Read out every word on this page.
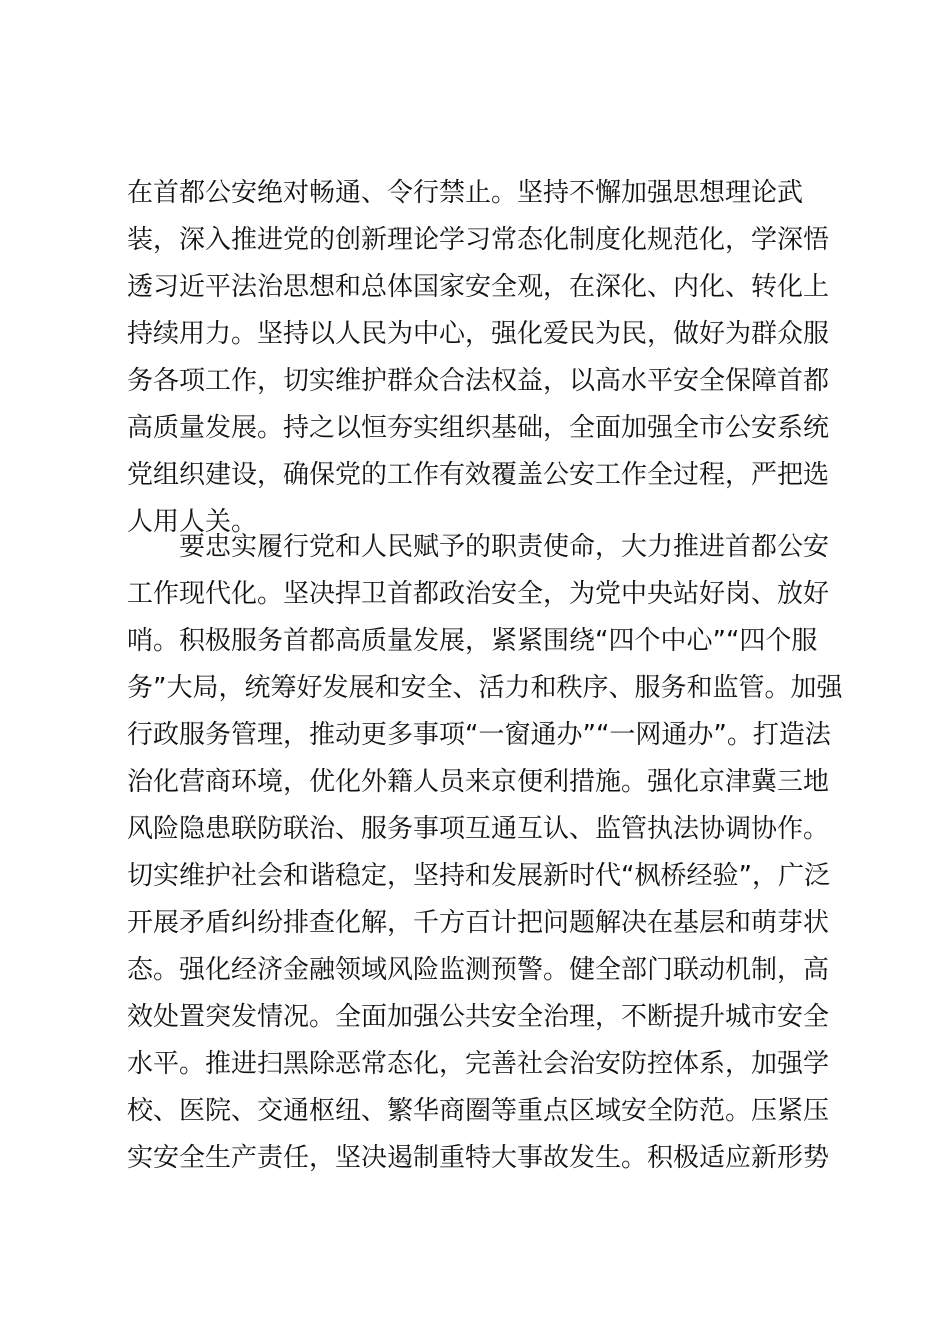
在首都公安绝对畅通、令行禁止。坚持不懈加强思想理论武
装，深入推进党的创新理论学习常态化制度化规范化，学深悟
透习近平法治思想和总体国家安全观，在深化、内化、转化上
持续用力。坚持以人民为中心，强化爱民为民，做好为群众服
务各项工作，切实维护群众合法权益，以高水平安全保障首都
高质量发展。持之以恒夯实组织基础，全面加强全市公安系统
党组织建设，确保党的工作有效覆盖公安工作全过程，严把选
人用人关。
要忠实履行党和人民赋予的职责使命，大力推进首都公安
工作现代化。坚决捍卫首都政治安全，为党中央站好岗、放好
哨。积极服务首都高质量发展，紧紧围绕“四个中心”“四个服
务”大局，统筹好发展和安全、活力和秩序、服务和监管。加强
行政服务管理，推动更多事项“一窗通办”“一网通办”。打造法
治化营商环境，优化外籍人员来京便利措施。强化京津冀三地
风险隐患联防联治、服务事项互通互认、监管执法协调协作。
切实维护社会和谐稳定，坚持和发展新时代“枫桥经验”，广泛
开展矛盾纠纷排查化解，千方百计把问题解决在基层和萌芽状
态。强化经济金融领域风险监测预警。健全部门联动机制，高
效处置突发情况。全面加强公共安全治理，不断提升城市安全
水平。推进扫黑除恶常态化，完善社会治安防控体系，加强学
校、医院、交通枢纽、繁华商圈等重点区域安全防范。压紧压
实安全生产责任，坚决遏制重特大事故发生。积极适应新形势
